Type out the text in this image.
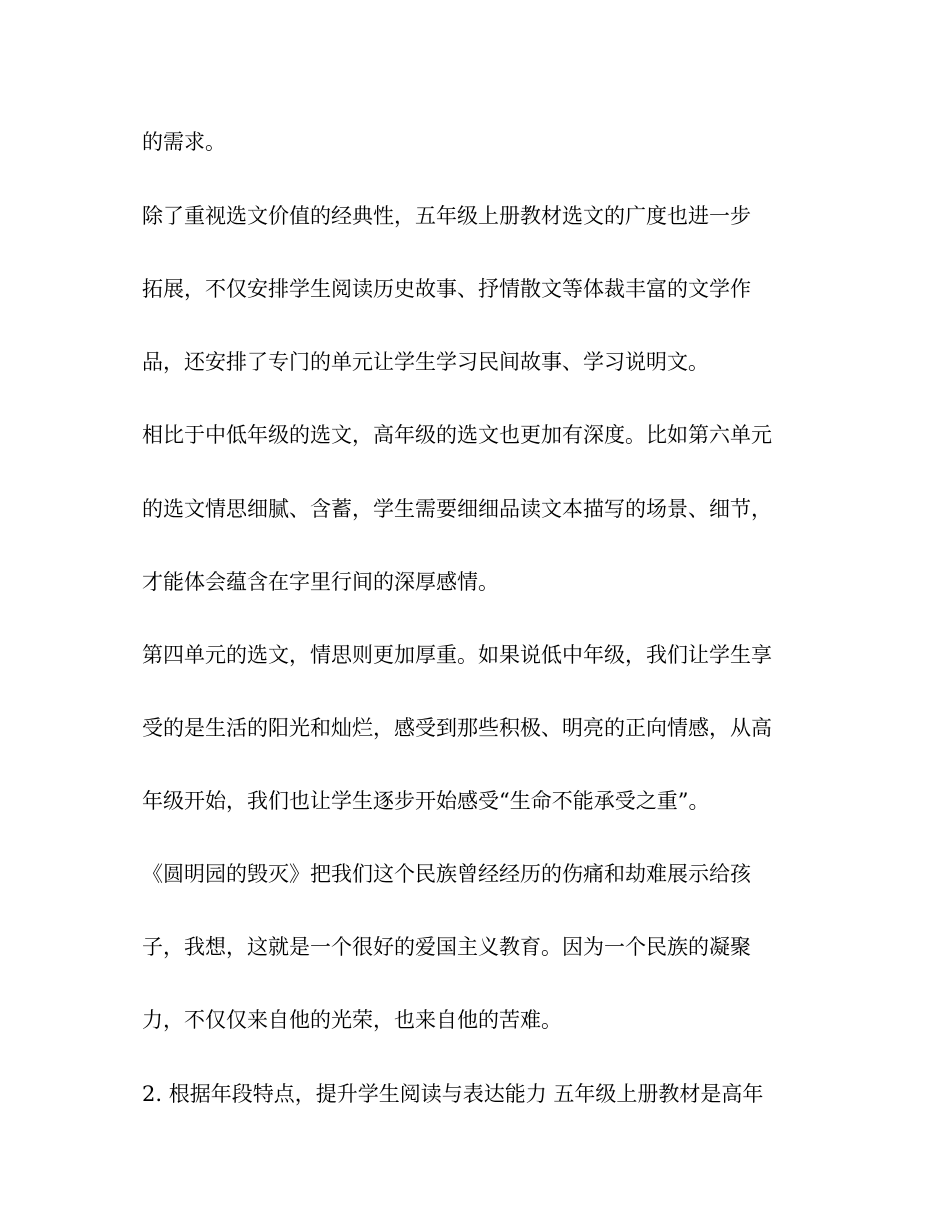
的需求。

除了重视选文价值的经典性，五年级上册教材选文的广度也进一步

拓展，不仅安排学生阅读历史故事、抒情散文等体裁丰富的文学作

品，还安排了专门的单元让学生学习民间故事、学习说明文。

相比于中低年级的选文，高年级的选文也更加有深度。比如第六单元

的选文情思细腻、含蓄，学生需要细细品读文本描写的场景、细节，

才能体会蕴含在字里行间的深厚感情。

第四单元的选文，情思则更加厚重。如果说低中年级，我们让学生享

受的是生活的阳光和灿烂，感受到那些积极、明亮的正向情感，从高

年级开始，我们也让学生逐步开始感受“生命不能承受之重”。

《圆明园的毁灭》把我们这个民族曾经经历的伤痛和劫难展示给孩

子，我想，这就是一个很好的爱国主义教育。因为一个民族的凝聚

力，不仅仅来自他的光荣，也来自他的苦难。

2. 根据年段特点，提升学生阅读与表达能力 五年级上册教材是高年
